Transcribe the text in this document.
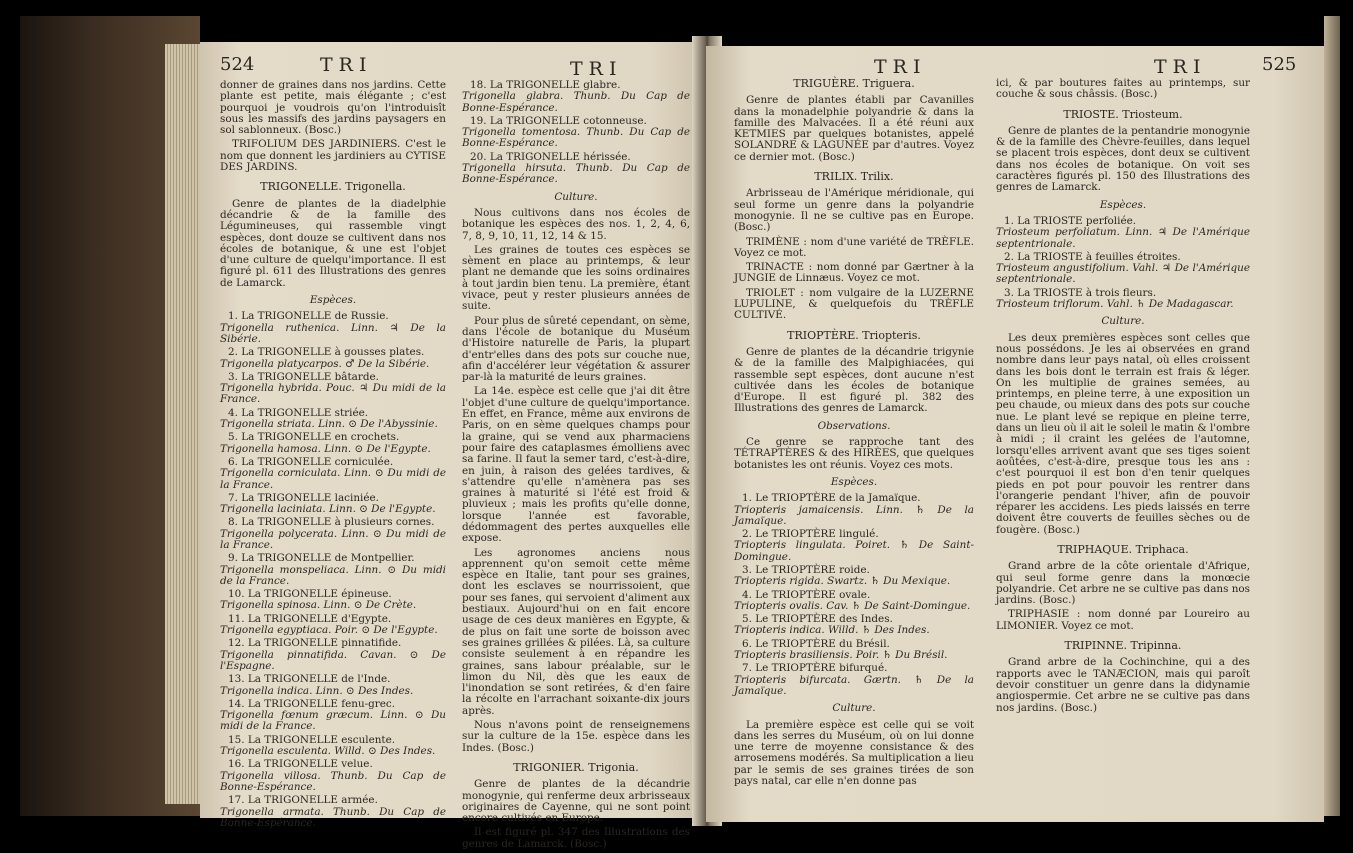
524	TRI	TRI

donner de graines dans nos jardins. Cette plante est petite, mais élégante ; c'est pourquoi je voudrois qu'on l'introduisît sous les massifs des jardins paysagers en sol sablonneux. (Bosc.)

TRIFOLIUM DES JARDINIERS. C'est le nom que donnent les jardiniers au CYTISE DES JARDINS.

TRIGONELLE. Trigonella.

Genre de plantes de la diadelphie décandrie & de la famille des Légumineuses, qui rassemble vingt espèces, dont douze se cultivent dans nos écoles de botanique, & une est l'objet d'une culture de quelqu'importance. Il est figuré pl. 611 des Illustrations des genres de Lamarck.

Espèces.

1. La TRIGONELLE de Russie.

Trigonella ruthenica. Linn. ♃ De la Sibérie.

2. La TRIGONELLE à gousses plates.

Trigonella platycarpos. ♂ De la Sibérie.

3. La TRIGONELLE bâtarde.

Trigonella hybrida. Pouc. ♃ Du midi de la France.

4. La TRIGONELLE striée.

Trigonella striata. Linn. ⊙ De l'Abyssinie.

5. La TRIGONELLE en crochets.

Trigonella hamosa. Linn. ⊙ De l'Egypte.

6. La TRIGONELLE corniculée.

Trigonella corniculata. Linn. ⊙ Du midi de la France.

7. La TRIGONELLE laciniée.

Trigonella laciniata. Linn. ⊙ De l'Egypte.

8. La TRIGONELLE à plusieurs cornes.

Trigonella polycerata. Linn. ⊙ Du midi de la France.

9. La TRIGONELLE de Montpellier.

Trigonella monspeliaca. Linn. ⊙ Du midi de la France.

10. La TRIGONELLE épineuse.

Trigonella spinosa. Linn. ⊙ De Crète.

11. La TRIGONELLE d'Egypte.

Trigonella egyptiaca. Poir. ⊙ De l'Egypte.

12. La TRIGONELLE pinnatifide.

Trigonella pinnatifida. Cavan. ⊙ De l'Espagne.

13. La TRIGONELLE de l'Inde.

Trigonella indica. Linn. ⊙ Des Indes.

14. La TRIGONELLE fenu-grec.

Trigonella fœnum græcum. Linn. ⊙ Du midi de la France.

15. La TRIGONELLE esculente.

Trigonella esculenta. Willd. ⊙ Des Indes.

16. La TRIGONELLE velue.

Trigonella villosa. Thunb. Du Cap de Bonne-Espérance.

17. La TRIGONELLE armée.

Trigonella armata. Thunb. Du Cap de Bonne-Espérance.

18. La TRIGONELLE glabre.

Trigonella glabra. Thunb. Du Cap de Bonne-Espérance.

19. La TRIGONELLE cotonneuse.

Trigonella tomentosa. Thunb. Du Cap de Bonne-Espérance.

20. La TRIGONELLE hérissée.

Trigonella hirsuta. Thunb. Du Cap de Bonne-Espérance.

Culture.

Nous cultivons dans nos écoles de botanique les espèces des nos. 1, 2, 4, 6, 7, 8, 9, 10, 11, 12, 14 & 15.

Les graines de toutes ces espèces se sèment en place au printemps, & leur plant ne demande que les soins ordinaires à tout jardin bien tenu. La première, étant vivace, peut y rester plusieurs années de suite.

Pour plus de sûreté cependant, on sème, dans l'école de botanique du Muséum d'Histoire naturelle de Paris, la plupart d'entr'elles dans des pots sur couche nue, afin d'accélérer leur végétation & assurer par-là la maturité de leurs graines.

La 14e. espèce est celle que j'ai dit être l'objet d'une culture de quelqu'importance. En effet, en France, même aux environs de Paris, on en sème quelques champs pour la graine, qui se vend aux pharmaciens pour faire des cataplasmes émolliens avec sa farine. Il faut la semer tard, c'est-à-dire, en juin, à raison des gelées tardives, & s'attendre qu'elle n'amènera pas ses graines à maturité si l'été est froid & pluvieux ; mais les profits qu'elle donne, lorsque l'année est favorable, dédommagent des pertes auxquelles elle expose.

Les agronomes anciens nous apprennent qu'on semoit cette même espèce en Italie, tant pour ses graines, dont les esclaves se nourrissoient, que pour ses fanes, qui servoient d'aliment aux bestiaux. Aujourd'hui on en fait encore usage de ces deux manières en Egypte, & de plus on fait une sorte de boisson avec ses graines grillées & pilées. Là, sa culture consiste seulement à en répandre les graines, sans labour préalable, sur le limon du Nil, dès que les eaux de l'inondation se sont retirées, & d'en faire la récolte en l'arrachant soixante-dix jours après.

Nous n'avons point de renseignemens sur la culture de la 15e. espèce dans les Indes. (Bosc.)

TRIGONIER. Trigonia.

Genre de plantes de la décandrie monogynie, qui renferme deux arbrisseaux originaires de Cayenne, qui ne sont point encore cultivés en Europe.

Il est figuré pl. 347 des Illustrations des genres de Lamarck. (Bosc.)

TRI	TRI	525
TRIGUÈRE. Triguera.

Genre de plantes établi par Cavanilles dans la monadelphie polyandrie & dans la famille des Malvacées. Il a été réuni aux KETMIES par quelques botanistes, appelé SOLANDRE & LAGUNÉE par d'autres. Voyez ce dernier mot. (Bosc.)

TRILIX. Trilix.

Arbrisseau de l'Amérique méridionale, qui seul forme un genre dans la polyandrie monogynie. Il ne se cultive pas en Europe. (Bosc.)

TRIMÈNE : nom d'une variété de TRÈFLE. Voyez ce mot.

TRINACTE : nom donné par Gærtner à la JUNGIE de Linnæus. Voyez ce mot.

TRIOLET : nom vulgaire de la LUZERNE LUPULINE, & quelquefois du TRÈFLE CULTIVÉ.

TRIOPTÈRE. Triopteris.

Genre de plantes de la décandrie trigynie & de la famille des Malpighiacées, qui rassemble sept espèces, dont aucune n'est cultivée dans les écoles de botanique d'Europe. Il est figuré pl. 382 des Illustrations des genres de Lamarck.

Observations.

Ce genre se rapproche tant des TÉTRAPTÈRES & des HIRÈES, que quelques botanistes les ont réunis. Voyez ces mots.

Espèces.

1. Le TRIOPTÈRE de la Jamaïque.

Triopteris jamaicensis. Linn. ♄ De la Jamaïque.

2. Le TRIOPTÈRE lingulé.

Triopteris lingulata. Poiret. ♄ De Saint-Domingue.

3. Le TRIOPTÈRE roide.

Triopteris rigida. Swartz. ♄ Du Mexique.

4. Le TRIOPTÈRE ovale.

Triopteris ovalis. Cav. ♄ De Saint-Domingue.

5. Le TRIOPTÈRE des Indes.

Triopteris indica. Willd. ♄ Des Indes.

6. Le TRIOPTÈRE du Brésil.

Triopteris brasiliensis. Poir. ♄ Du Brésil.

7. Le TRIOPTÈRE bifurqué.

Triopteris bifurcata. Gærtn. ♄ De la Jamaïque.

Culture.

La première espèce est celle qui se voit dans les serres du Muséum, où on lui donne une terre de moyenne consistance & des arrosemens modérés. Sa multiplication a lieu par le semis de ses graines tirées de son pays natal, car elle n'en donne pas

ici, & par boutures faites au printemps, sur couche & sous châssis. (Bosc.)

TRIOSTE. Triosteum.

Genre de plantes de la pentandrie monogynie & de la famille des Chèvre-feuilles, dans lequel se placent trois espèces, dont deux se cultivent dans nos écoles de botanique. On voit ses caractères figurés pl. 150 des Illustrations des genres de Lamarck.

Espèces.

1. La TRIOSTE perfoliée.

Triosteum perfoliatum. Linn. ♃ De l'Amérique septentrionale.

2. La TRIOSTE à feuilles étroites.

Triosteum angustifolium. Vahl. ♃ De l'Amérique septentrionale.

3. La TRIOSTE à trois fleurs.

Triosteum triflorum. Vahl. ♄ De Madagascar.

Culture.

Les deux premières espèces sont celles que nous possédons. Je les ai observées en grand nombre dans leur pays natal, où elles croissent dans les bois dont le terrain est frais & léger. On les multiplie de graines semées, au printemps, en pleine terre, à une exposition un peu chaude, ou mieux dans des pots sur couche nue. Le plant levé se repique en pleine terre, dans un lieu où il ait le soleil le matin & l'ombre à midi ; il craint les gelées de l'automne, lorsqu'elles arrivent avant que ses tiges soient aoûtées, c'est-à-dire, presque tous les ans : c'est pourquoi il est bon d'en tenir quelques pieds en pot pour pouvoir les rentrer dans l'orangerie pendant l'hiver, afin de pouvoir réparer les accidens. Les pieds laissés en terre doivent être couverts de feuilles sèches ou de fougère. (Bosc.)

TRIPHAQUE. Triphaca.

Grand arbre de la côte orientale d'Afrique, qui seul forme genre dans la monœcie polyandrie. Cet arbre ne se cultive pas dans nos jardins. (Bosc.)

TRIPHASIE : nom donné par Loureiro au LIMONIER. Voyez ce mot.

TRIPINNE. Tripinna.

Grand arbre de la Cochinchine, qui a des rapports avec le TANÆCION, mais qui paroît devoir constituer un genre dans la didynamie angiospermie. Cet arbre ne se cultive pas dans nos jardins. (Bosc.)
